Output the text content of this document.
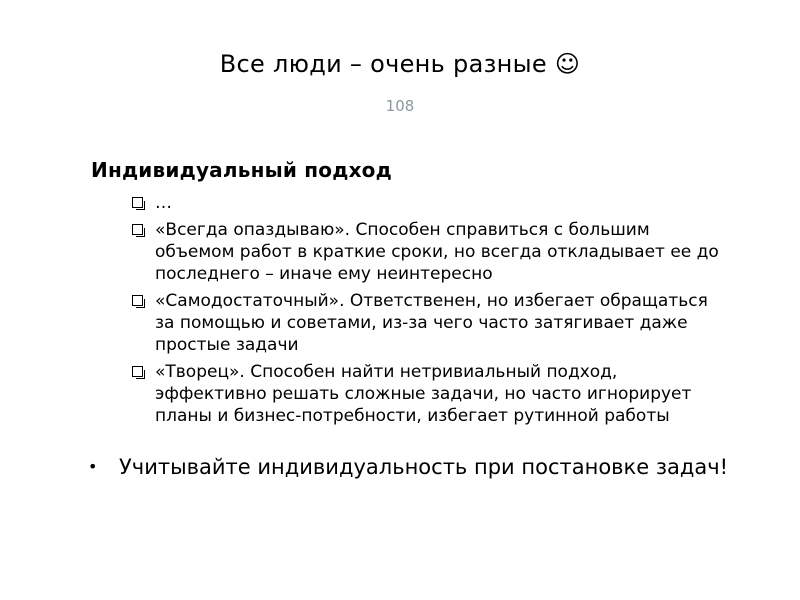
Все люди – очень разные ☺
108
Индивидуальный подход
…
«Всегда опаздываю». Способен справиться с большим объемом работ в краткие сроки, но всегда откладывает ее до последнего – иначе ему неинтересно
«Самодостаточный». Ответственен, но избегает обращаться за помощью и советами, из-за чего часто затягивает даже простые задачи
«Творец». Способен найти нетривиальный подход, эффективно решать сложные задачи, но часто игнорирует планы и бизнес-потребности, избегает рутинной работы
• Учитывайте индивидуальность при постановке задач!
